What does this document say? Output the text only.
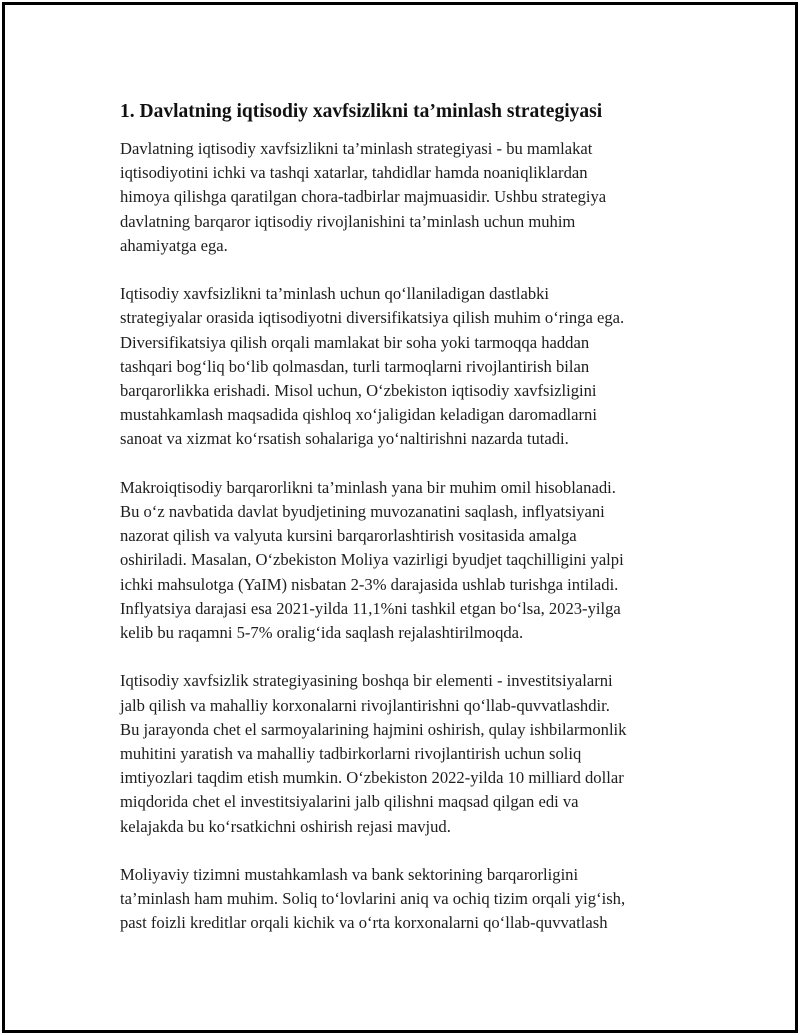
1. Davlatning iqtisodiy xavfsizlikni ta’minlash strategiyasi

Davlatning iqtisodiy xavfsizlikni ta’minlash strategiyasi - bu mamlakat
iqtisodiyotini ichki va tashqi xatarlar, tahdidlar hamda noaniqliklardan
himoya qilishga qaratilgan chora-tadbirlar majmuasidir. Ushbu strategiya
davlatning barqaror iqtisodiy rivojlanishini ta’minlash uchun muhim
ahamiyatga ega.

Iqtisodiy xavfsizlikni ta’minlash uchun qo‘llaniladigan dastlabki
strategiyalar orasida iqtisodiyotni diversifikatsiya qilish muhim o‘ringa ega.
Diversifikatsiya qilish orqali mamlakat bir soha yoki tarmoqqa haddan
tashqari bog‘liq bo‘lib qolmasdan, turli tarmoqlarni rivojlantirish bilan
barqarorlikka erishadi. Misol uchun, O‘zbekiston iqtisodiy xavfsizligini
mustahkamlash maqsadida qishloq xo‘jaligidan keladigan daromadlarni
sanoat va xizmat ko‘rsatish sohalariga yo‘naltirishni nazarda tutadi.

Makroiqtisodiy barqarorlikni ta’minlash yana bir muhim omil hisoblanadi.
Bu o‘z navbatida davlat byudjetining muvozanatini saqlash, inflyatsiyani
nazorat qilish va valyuta kursini barqarorlashtirish vositasida amalga
oshiriladi. Masalan, O‘zbekiston Moliya vazirligi byudjet taqchilligini yalpi
ichki mahsulotga (YaIM) nisbatan 2-3% darajasida ushlab turishga intiladi.
Inflyatsiya darajasi esa 2021-yilda 11,1%ni tashkil etgan bo‘lsa, 2023-yilga
kelib bu raqamni 5-7% oralig‘ida saqlash rejalashtirilmoqda.

Iqtisodiy xavfsizlik strategiyasining boshqa bir elementi - investitsiyalarni
jalb qilish va mahalliy korxonalarni rivojlantirishni qo‘llab-quvvatlashdir.
Bu jarayonda chet el sarmoyalarining hajmini oshirish, qulay ishbilarmonlik
muhitini yaratish va mahalliy tadbirkorlarni rivojlantirish uchun soliq
imtiyozlari taqdim etish mumkin. O‘zbekiston 2022-yilda 10 milliard dollar
miqdorida chet el investitsiyalarini jalb qilishni maqsad qilgan edi va
kelajakda bu ko‘rsatkichni oshirish rejasi mavjud.

Moliyaviy tizimni mustahkamlash va bank sektorining barqarorligini
ta’minlash ham muhim. Soliq to‘lovlarini aniq va ochiq tizim orqali yig‘ish,
past foizli kreditlar orqali kichik va o‘rta korxonalarni qo‘llab-quvvatlash
